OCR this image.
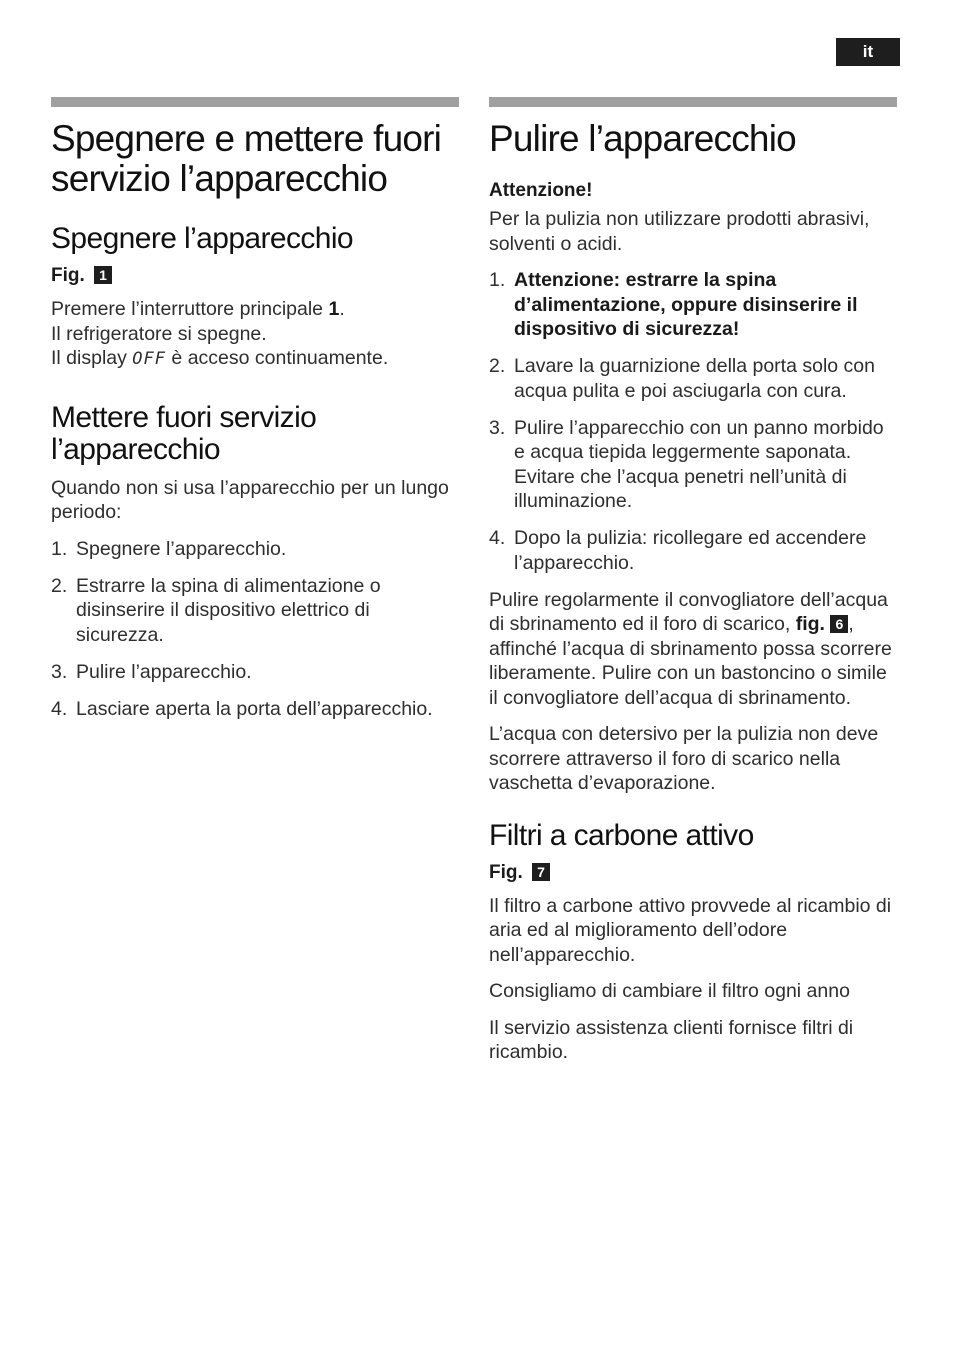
it
Spegnere e mettere fuori servizio l’apparecchio
Spegnere l’apparecchio
Fig. 1

Premere l’interruttore principale 1.
Il refrigeratore si spegne.
Il display OFF è acceso continuamente.

Mettere fuori servizio l’apparecchio

Quando non si usa l’apparecchio per un lungo periodo:

1. Spegnere l’apparecchio.
2. Estrarre la spina di alimentazione o disinserire il dispositivo elettrico di sicurezza.
3. Pulire l’apparecchio.
4. Lasciare aperta la porta dell’apparecchio.
Pulire l’apparecchio
Attenzione!

Per la pulizia non utilizzare prodotti abrasivi, solventi o acidi.

1. Attenzione: estrarre la spina d’alimentazione, oppure disinserire il dispositivo di sicurezza!
2. Lavare la guarnizione della porta solo con acqua pulita e poi asciugarla con cura.
3. Pulire l’apparecchio con un panno morbido e acqua tiepida leggermente saponata. Evitare che l’acqua penetri nell’unità di illuminazione.
4. Dopo la pulizia: ricollegare ed accendere l’apparecchio.

Pulire regolarmente il convogliatore dell’acqua di sbrinamento ed il foro di scarico, fig. 6 , affinché l’acqua di sbrinamento possa scorrere liberamente. Pulire con un bastoncino o simile il convogliatore dell’acqua di sbrinamento.

L’acqua con detersivo per la pulizia non deve scorrere attraverso il foro di scarico nella vaschetta d’evaporazione.

Filtri a carbone attivo
Fig. 7

Il filtro a carbone attivo provvede al ricambio di aria ed al miglioramento dell’odore nell’apparecchio.

Consigliamo di cambiare il filtro ogni anno

Il servizio assistenza clienti fornisce filtri di ricambio.
